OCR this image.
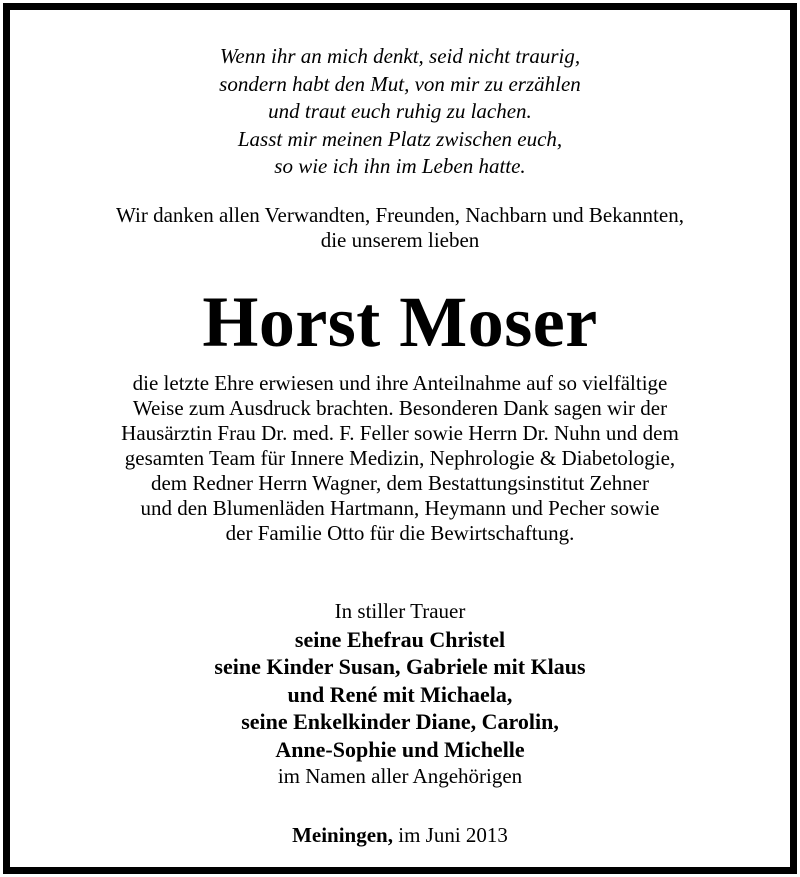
Wenn ihr an mich denkt, seid nicht traurig,
sondern habt den Mut, von mir zu erzählen
und traut euch ruhig zu lachen.
Lasst mir meinen Platz zwischen euch,
so wie ich ihn im Leben hatte.
Wir danken allen Verwandten, Freunden, Nachbarn und Bekannten,
die unserem lieben
Horst Moser
die letzte Ehre erwiesen und ihre Anteilnahme auf so vielfältige
Weise zum Ausdruck brachten. Besonderen Dank sagen wir der
Hausärztin Frau Dr. med. F. Feller sowie Herrn Dr. Nuhn und dem
gesamten Team für Innere Medizin, Nephrologie & Diabetologie,
dem Redner Herrn Wagner, dem Bestattungsinstitut Zehner
und den Blumenläden Hartmann, Heymann und Pecher sowie
der Familie Otto für die Bewirtschaftung.
In stiller Trauer
seine Ehefrau Christel
seine Kinder Susan, Gabriele mit Klaus
und René mit Michaela,
seine Enkelkinder Diane, Carolin,
Anne-Sophie und Michelle
im Namen aller Angehörigen
Meiningen, im Juni 2013
